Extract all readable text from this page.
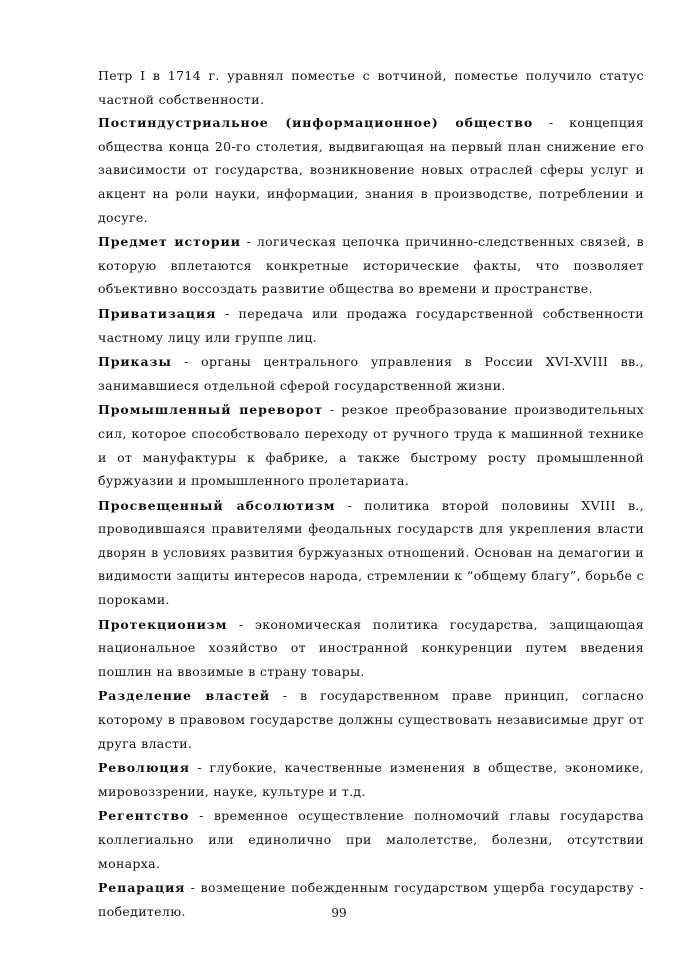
Петр I в 1714 г. уравнял поместье с вотчиной, поместье получило статус частной собственности.

Постиндустриальное (информационное) общество - концепция общества конца 20-го столетия, выдвигающая на первый план снижение его зависимости от государства, возникновение новых отраслей сферы услуг и акцент на роли науки, информации, знания в производстве, потреблении и досуге.

Предмет истории - логическая цепочка причинно-следственных связей, в которую вплетаются конкретные исторические факты, что позволяет объективно воссоздать развитие общества во времени и пространстве.

Приватизация - передача или продажа государственной собственности частному лицу или группе лиц.

Приказы - органы центрального управления в России XVI-XVIII вв., занимавшиеся отдельной сферой государственной жизни.

Промышленный переворот - резкое преобразование производительных сил, которое способствовало переходу от ручного труда к машинной технике и от мануфактуры к фабрике, а также быстрому росту промышленной буржуазии и промышленного пролетариата.

Просвещенный абсолютизм - политика второй половины XVIII в., проводившаяся правителями феодальных государств для укрепления власти дворян в условиях развития буржуазных отношений. Основан на демагогии и видимости защиты интересов народа, стремлении к “общему благу”, борьбе с пороками.

Протекционизм - экономическая политика государства, защищающая национальное хозяйство от иностранной конкуренции путем введения пошлин на ввозимые в страну товары.

Разделение властей - в государственном праве принцип, согласно которому в правовом государстве должны существовать независимые друг от друга власти.

Революция - глубокие, качественные изменения в обществе, экономике, мировоззрении, науке, культуре и т.д.

Регентство - временное осуществление полномочий главы государства коллегиально или единолично при малолетстве, болезни, отсутствии монарха.

Репарация - возмещение побежденным государством ущерба государству - победителю.	99
